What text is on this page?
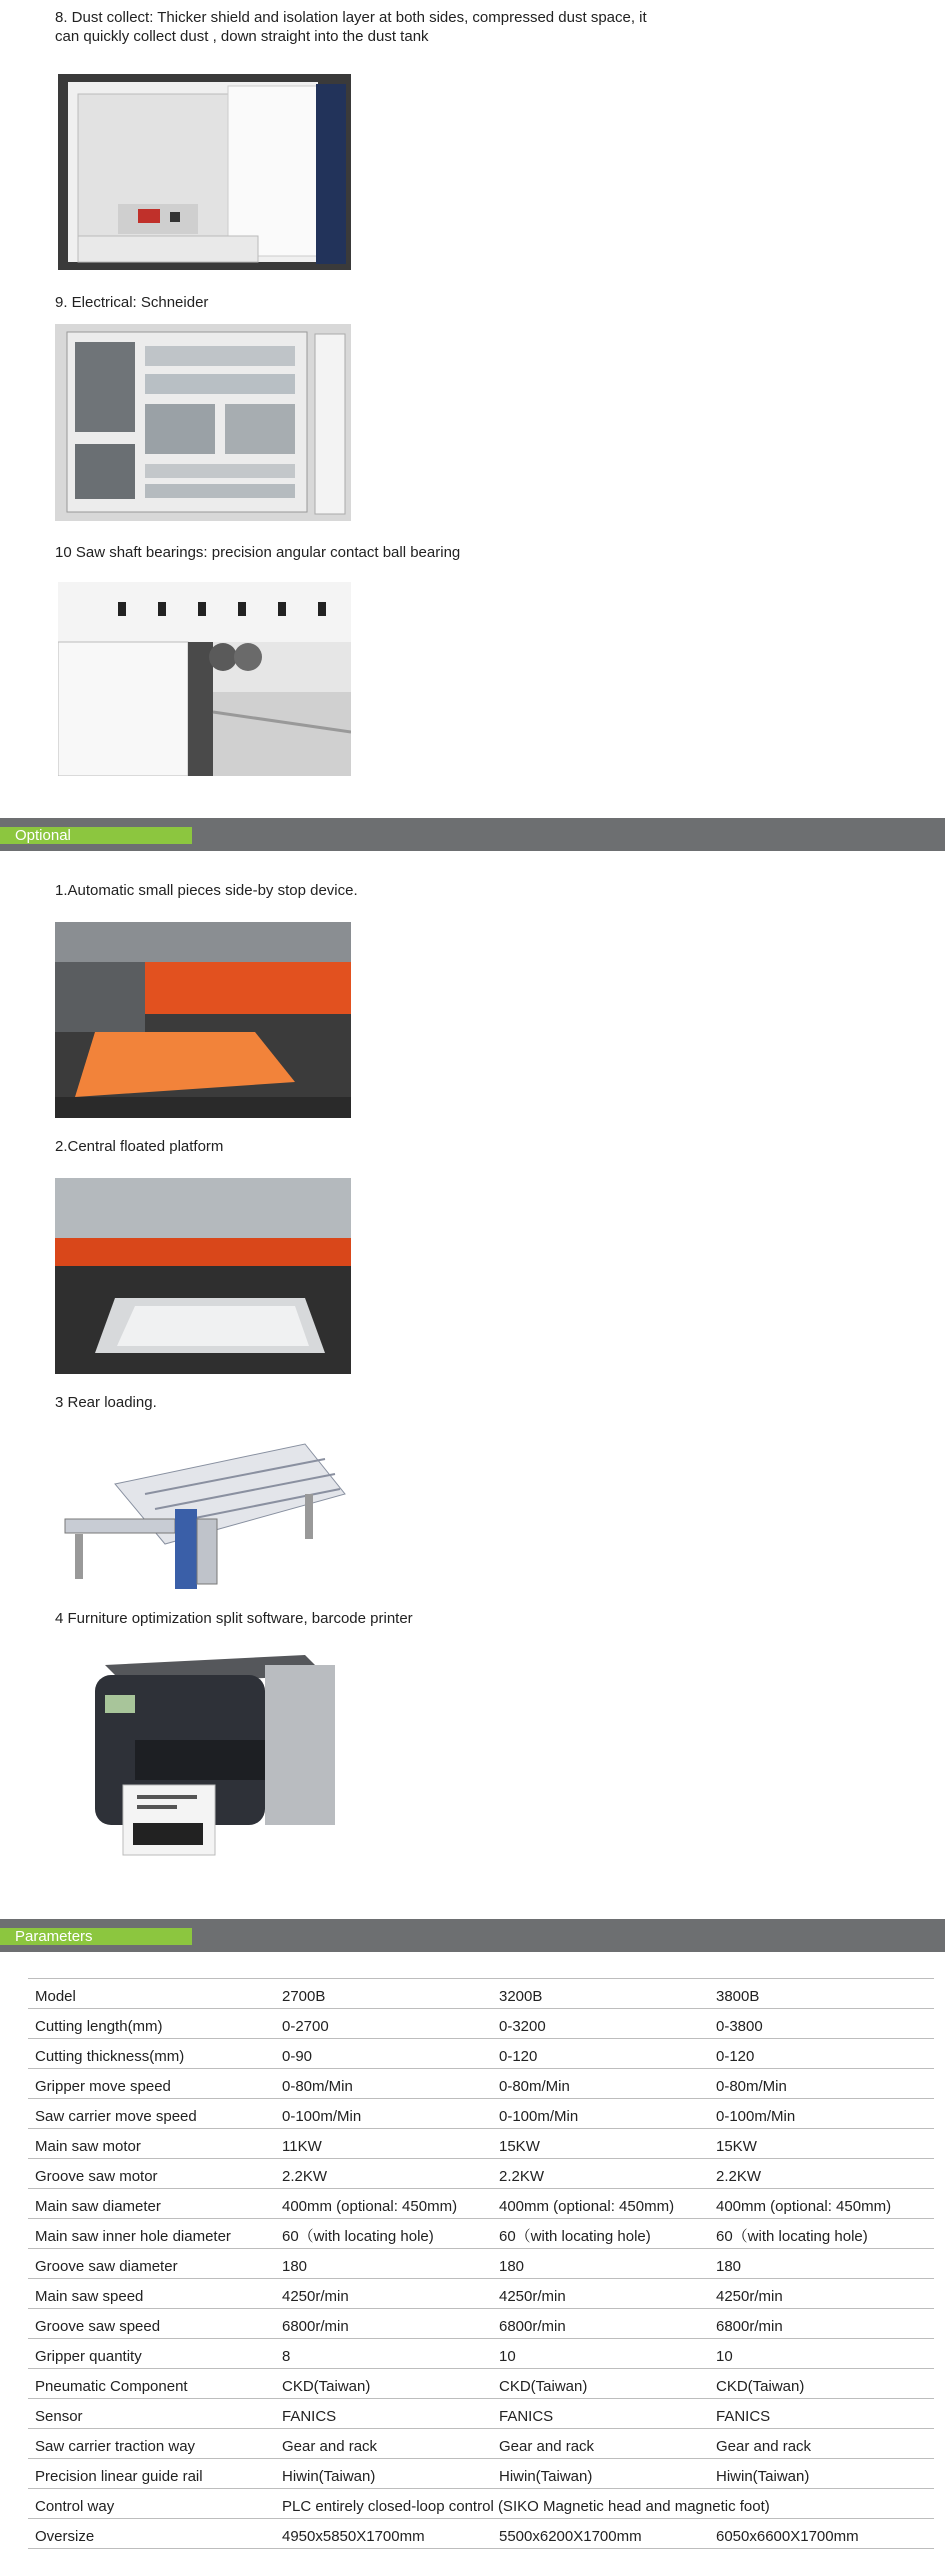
8. Dust collect: Thicker shield and isolation layer at both sides, compressed dust space, it
can quickly collect dust , down straight into the dust tank
9. Electrical: Schneider
10 Saw shaft bearings: precision angular contact ball bearing
Optional
1.Automatic small pieces side-by stop device.
2.Central floated platform
3 Rear loading.
4 Furniture optimization split software, barcode printer
Parameters
Model	2700B	3200B	3800B
Cutting length(mm)	0-2700	0-3200	0-3800
Cutting thickness(mm)	0-90	0-120	0-120
Gripper move speed	0-80m/Min	0-80m/Min	0-80m/Min
Saw carrier move speed	0-100m/Min	0-100m/Min	0-100m/Min
Main saw motor	11KW	15KW	15KW
Groove saw motor	2.2KW	2.2KW	2.2KW
Main saw diameter	400mm (optional: 450mm)	400mm (optional: 450mm)	400mm (optional: 450mm)
Main saw inner hole diameter	60（with locating hole)	60（with locating hole)	60（with locating hole)
Groove saw diameter	180	180	180
Main saw speed	4250r/min	4250r/min	4250r/min
Groove saw speed	6800r/min	6800r/min	6800r/min
Gripper quantity	8	10	10
Pneumatic Component	CKD(Taiwan)	CKD(Taiwan)	CKD(Taiwan)
Sensor	FANICS	FANICS	FANICS
Saw carrier traction way	Gear and rack	Gear and rack	Gear and rack
Precision linear guide rail	Hiwin(Taiwan)	Hiwin(Taiwan)	Hiwin(Taiwan)
Control way	PLC entirely closed-loop control (SIKO Magnetic head and magnetic foot)		
Oversize	4950x5850X1700mm	5500x6200X1700mm	6050x6600X1700mm
